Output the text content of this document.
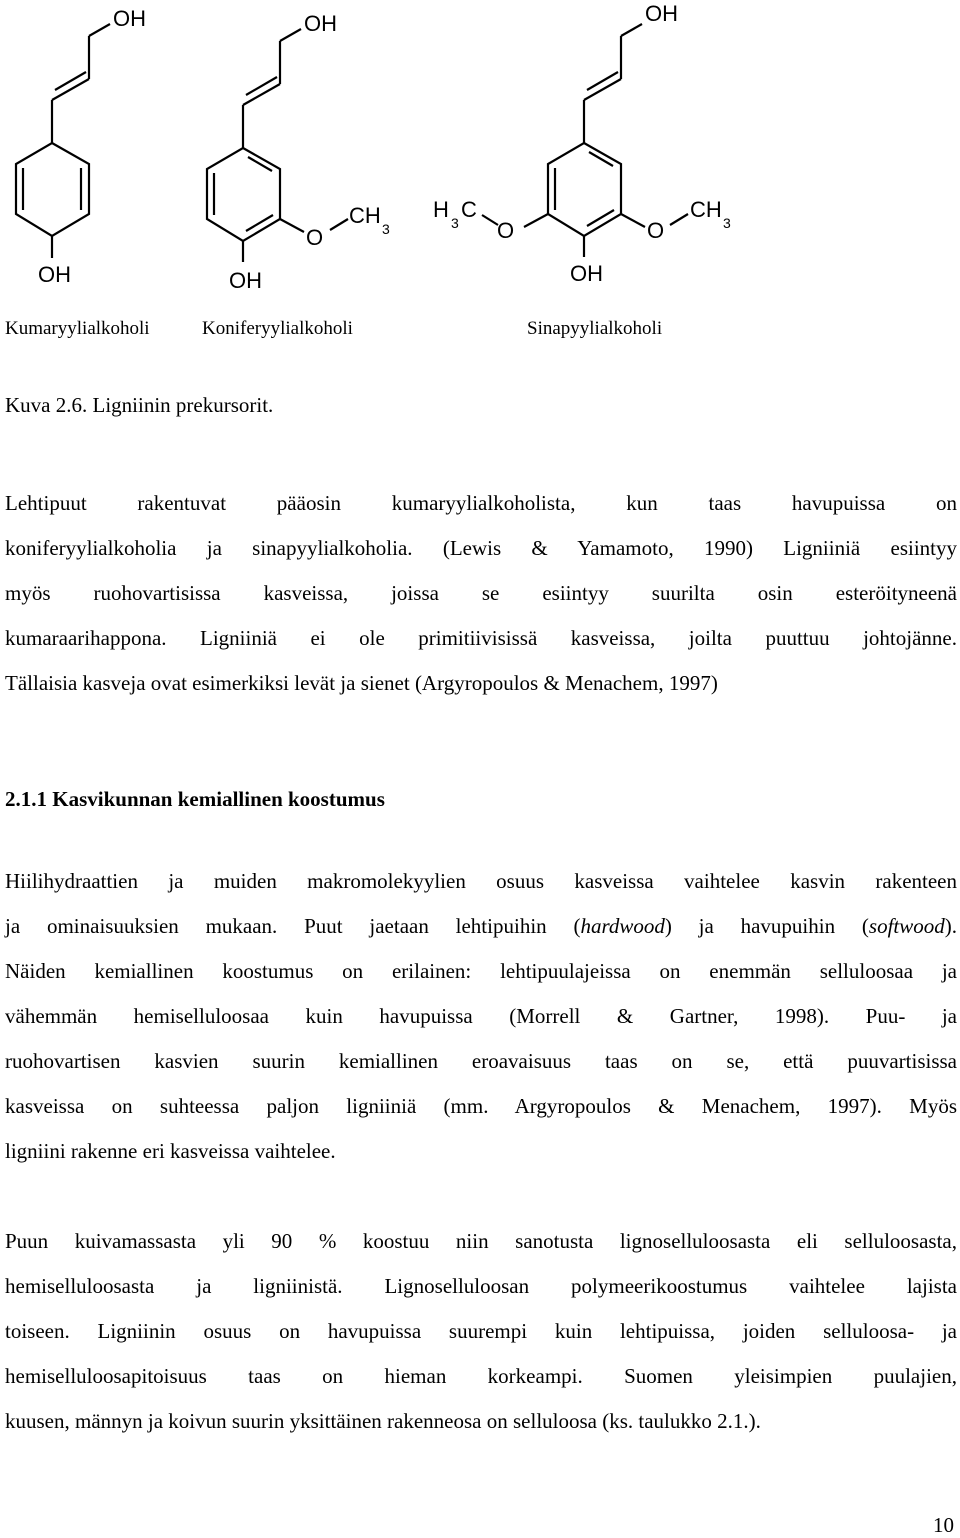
OH
OH
OH
OH
O
CH
3
OH
OH
O
CH
3
O
H
3
C
Kumaryylialkoholi	Koniferyylialkoholi	Sinapyylialkoholi
Kuva 2.6. Ligniinin prekursorit.
Lehtipuut rakentuvat pääosin kumaryylialkoholista, kun taas havupuissa on
koniferyylialkoholia ja sinapyylialkoholia. (Lewis & Yamamoto, 1990) Ligniiniä esiintyy
myös ruohovartisissa kasveissa, joissa se esiintyy suurilta osin esteröityneenä
kumaraarihappona. Ligniiniä ei ole primitiivisissä kasveissa, joilta puuttuu johtojänne.
Tällaisia kasveja ovat esimerkiksi levät ja sienet (Argyropoulos & Menachem, 1997)
2.1.1 Kasvikunnan kemiallinen koostumus
Hiilihydraattien ja muiden makromolekyylien osuus kasveissa vaihtelee kasvin rakenteen
ja ominaisuuksien mukaan. Puut jaetaan lehtipuihin (hardwood) ja havupuihin (softwood).
Näiden kemiallinen koostumus on erilainen: lehtipuulajeissa on enemmän selluloosaa ja
vähemmän hemiselluloosaa kuin havupuissa (Morrell & Gartner, 1998). Puu- ja
ruohovartisen kasvien suurin kemiallinen eroavaisuus taas on se, että puuvartisissa
kasveissa on suhteessa paljon ligniiniä (mm. Argyropoulos & Menachem, 1997). Myös
ligniini rakenne eri kasveissa vaihtelee.
Puun kuivamassasta yli 90 % koostuu niin sanotusta lignoselluloosasta eli selluloosasta,
hemiselluloosasta ja ligniinistä. Lignoselluloosan polymeerikoostumus vaihtelee lajista
toiseen. Ligniinin osuus on havupuissa suurempi kuin lehtipuissa, joiden selluloosa- ja
hemiselluloosapitoisuus taas on hieman korkeampi. Suomen yleisimpien puulajien,
kuusen, männyn ja koivun suurin yksittäinen rakenneosa on selluloosa (ks. taulukko 2.1.).
10
